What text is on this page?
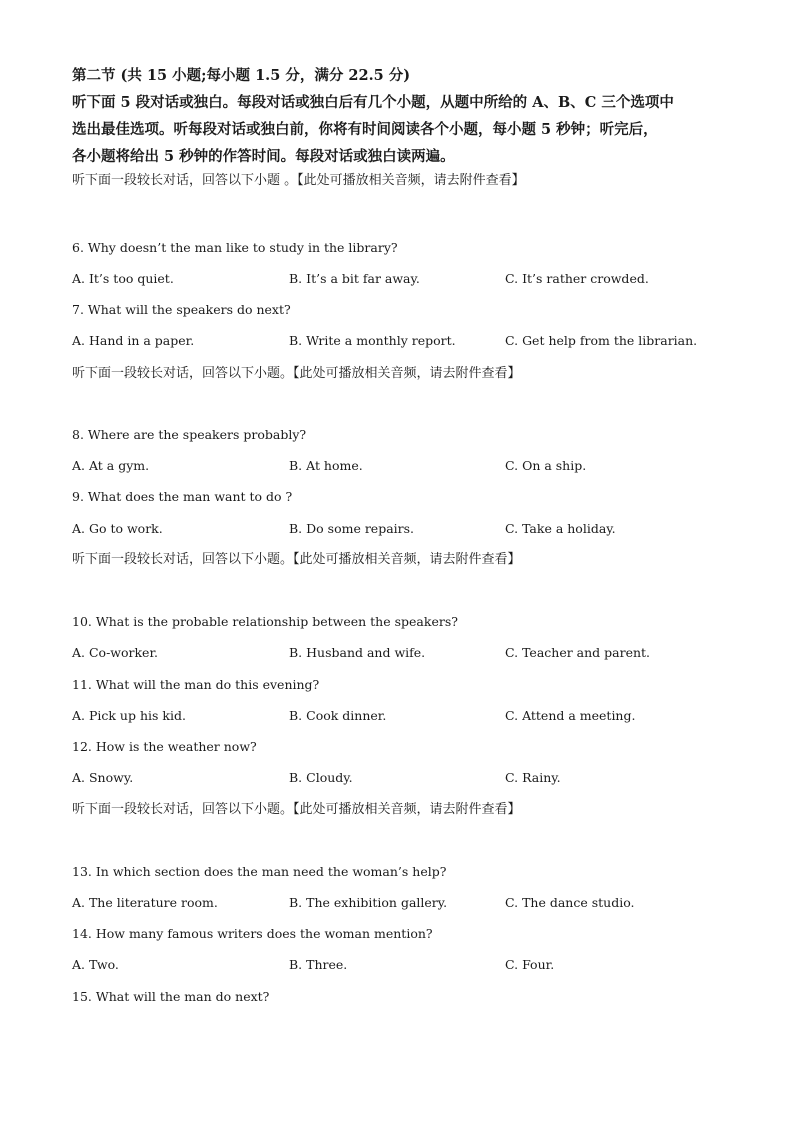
第二节 (共 15 小题;每小题 1.5 分，满分 22.5 分)

听下面 5 段对话或独白。每段对话或独白后有几个小题，从题中所给的 A、B、C 三个选项中

选出最佳选项。听每段对话或独白前，你将有时间阅读各个小题，每小题 5 秒钟；听完后，

各小题将给出 5 秒钟的作答时间。每段对话或独白读两遍。

听下面一段较长对话，回答以下小题 。【此处可播放相关音频，请去附件查看】
6. Why doesn’t the man like to study in the library?
A. It’s too quiet.	B. It’s a bit far away.	C. It’s rather crowded.
7. What will the speakers do next?
A. Hand in a paper.	B. Write a monthly report.	C. Get help from the librarian.
听下面一段较长对话，回答以下小题。【此处可播放相关音频，请去附件查看】
8. Where are the speakers probably?
A. At a gym.	B. At home.	C. On a ship.
9. What does the man want to do ?
A. Go to work.	B. Do some repairs.	C. Take a holiday.
听下面一段较长对话，回答以下小题。【此处可播放相关音频，请去附件查看】
10. What is the probable relationship between the speakers?
A. Co-worker.	B. Husband and wife.	C. Teacher and parent.
11. What will the man do this evening?
A. Pick up his kid.	B. Cook dinner.	C. Attend a meeting.
12. How is the weather now?
A. Snowy.	B. Cloudy.	C. Rainy.
听下面一段较长对话，回答以下小题。【此处可播放相关音频，请去附件查看】
13. In which section does the man need the woman’s help?
A. The literature room.	B. The exhibition gallery.	C. The dance studio.
14. How many famous writers does the woman mention?
A. Two.	B. Three.	C. Four.
15. What will the man do next?
